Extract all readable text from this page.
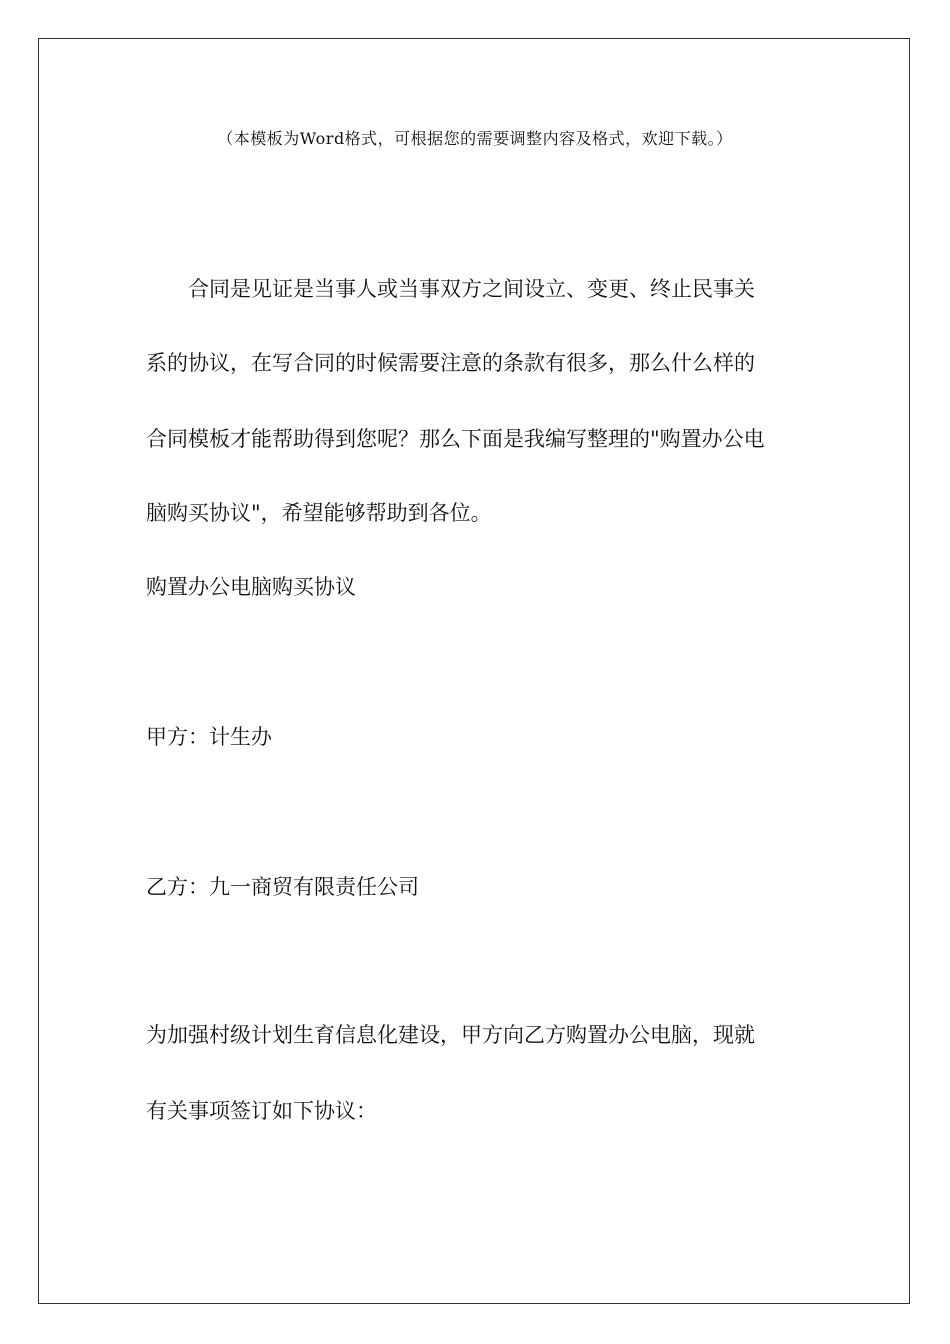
（本模板为Word格式，可根据您的需要调整内容及格式，欢迎下载。）
　　合同是见证是当事人或当事双方之间设立、变更、终止民事关
系的协议，在写合同的时候需要注意的条款有很多，那么什么样的
合同模板才能帮助得到您呢？那么下面是我编写整理的"购置办公电
脑购买协议"，希望能够帮助到各位。
购置办公电脑购买协议
甲方：计生办
乙方：九一商贸有限责任公司
为加强村级计划生育信息化建设，甲方向乙方购置办公电脑，现就
有关事项签订如下协议：
